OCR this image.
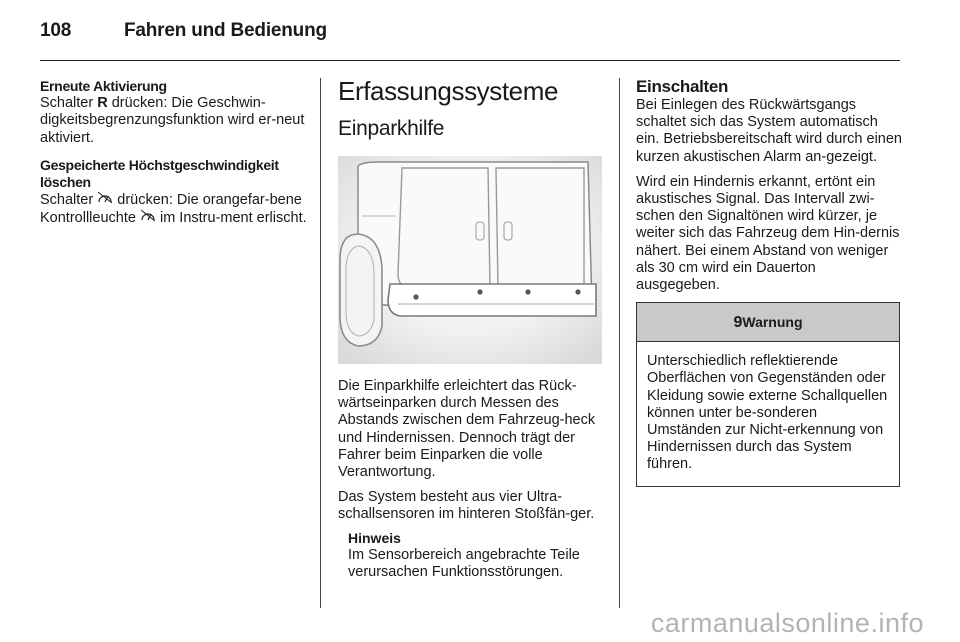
108	Fahren und Bedienung

Erneute Aktivierung

Schalter R drücken: Die Geschwin-digkeitsbegrenzungsfunktion wird er-neut aktiviert.

Gespeicherte Höchstgeschwindigkeit löschen

Schalter  drücken: Die orangefar-bene Kontrollleuchte  im Instru-ment erlischt.

Erfassungssysteme
Einparkhilfe

Die Einparkhilfe erleichtert das Rück-wärtseinparken durch Messen des Abstands zwischen dem Fahrzeug-heck und Hindernissen. Dennoch trägt der Fahrer beim Einparken die volle Verantwortung.

Das System besteht aus vier Ultra-schallsensoren im hinteren Stoßfän-ger.

Hinweis

Im Sensorbereich angebrachte Teile verursachen Funktionsstörungen.

Einschalten

Bei Einlegen des Rückwärtsgangs schaltet sich das System automatisch ein. Betriebsbereitschaft wird durch einen kurzen akustischen Alarm an-gezeigt.

Wird ein Hindernis erkannt, ertönt ein akustisches Signal. Das Intervall zwi-schen den Signaltönen wird kürzer, je weiter sich das Fahrzeug dem Hin-dernis nähert. Bei einem Abstand von weniger als 30 cm wird ein Dauerton ausgegeben.

9Warnung
Unterschiedlich reflektierende Oberflächen von Gegenständen oder Kleidung sowie externe Schallquellen können unter be-sonderen Umständen zur Nicht-erkennung von Hindernissen durch das System führen.
carmanualsonline.info
